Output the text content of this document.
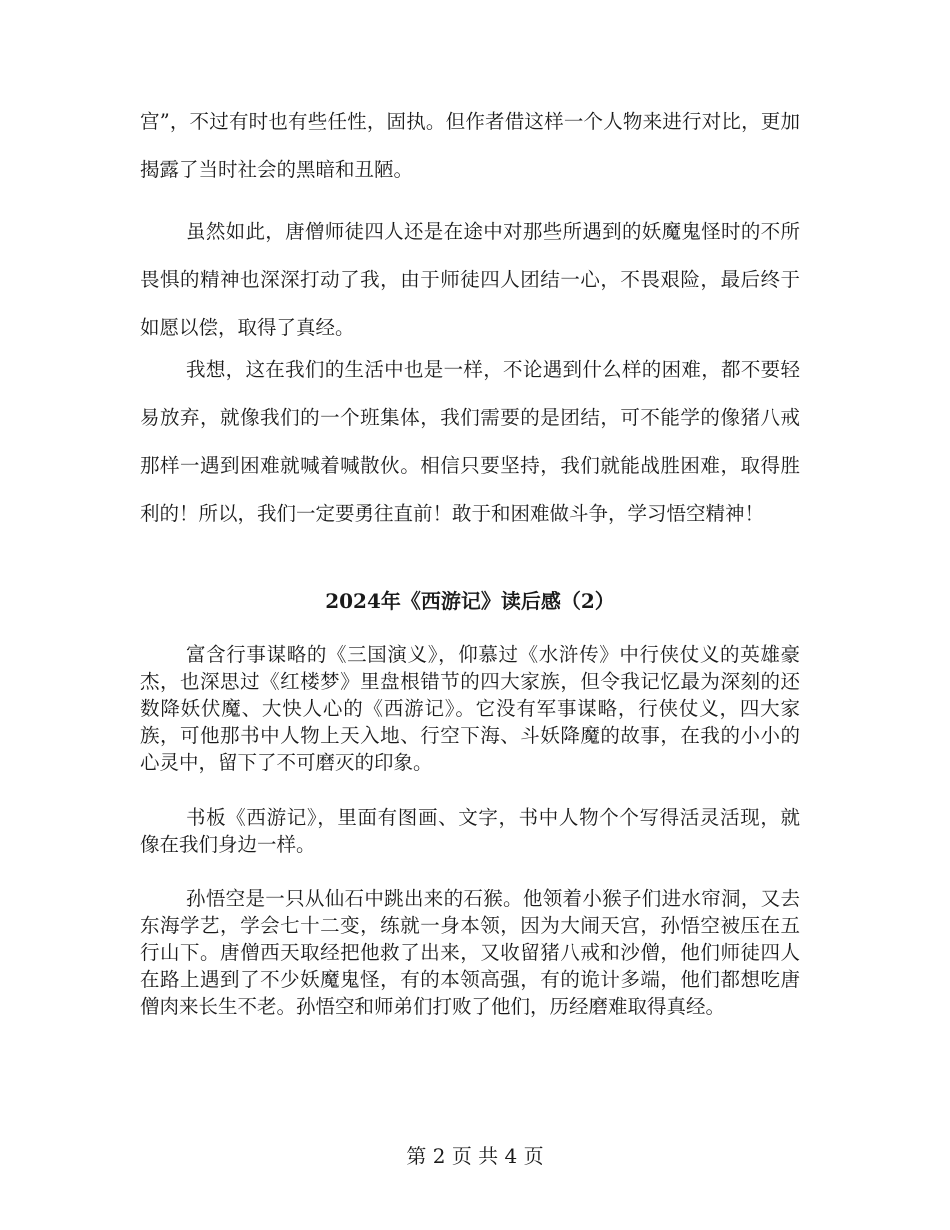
宫”，不过有时也有些任性，固执。但作者借这样一个人物来进行对比，更加揭露了当时社会的黑暗和丑陋。

虽然如此，唐僧师徒四人还是在途中对那些所遇到的妖魔鬼怪时的不所畏惧的精神也深深打动了我，由于师徒四人团结一心，不畏艰险，最后终于如愿以偿，取得了真经。

我想，这在我们的生活中也是一样，不论遇到什么样的困难，都不要轻易放弃，就像我们的一个班集体，我们需要的是团结，可不能学的像猪八戒那样一遇到困难就喊着喊散伙。相信只要坚持，我们就能战胜困难，取得胜利的！所以，我们一定要勇往直前！敢于和困难做斗争，学习悟空精神！

2024年《西游记》读后感（2）

富含行事谋略的《三国演义》，仰慕过《水浒传》中行侠仗义的英雄豪杰，也深思过《红楼梦》里盘根错节的四大家族，但令我记忆最为深刻的还数降妖伏魔、大快人心的《西游记》。它没有军事谋略，行侠仗义，四大家族，可他那书中人物上天入地、行空下海、斗妖降魔的故事，在我的小小的心灵中，留下了不可磨灭的印象。

书板《西游记》，里面有图画、文字，书中人物个个写得活灵活现，就像在我们身边一样。

孙悟空是一只从仙石中跳出来的石猴。他领着小猴子们进水帘洞，又去东海学艺，学会七十二变，练就一身本领，因为大闹天宫，孙悟空被压在五行山下。唐僧西天取经把他救了出来，又收留猪八戒和沙僧，他们师徒四人在路上遇到了不少妖魔鬼怪，有的本领高强，有的诡计多端，他们都想吃唐僧肉来长生不老。孙悟空和师弟们打败了他们，历经磨难取得真经。

第 2 页 共 4 页
